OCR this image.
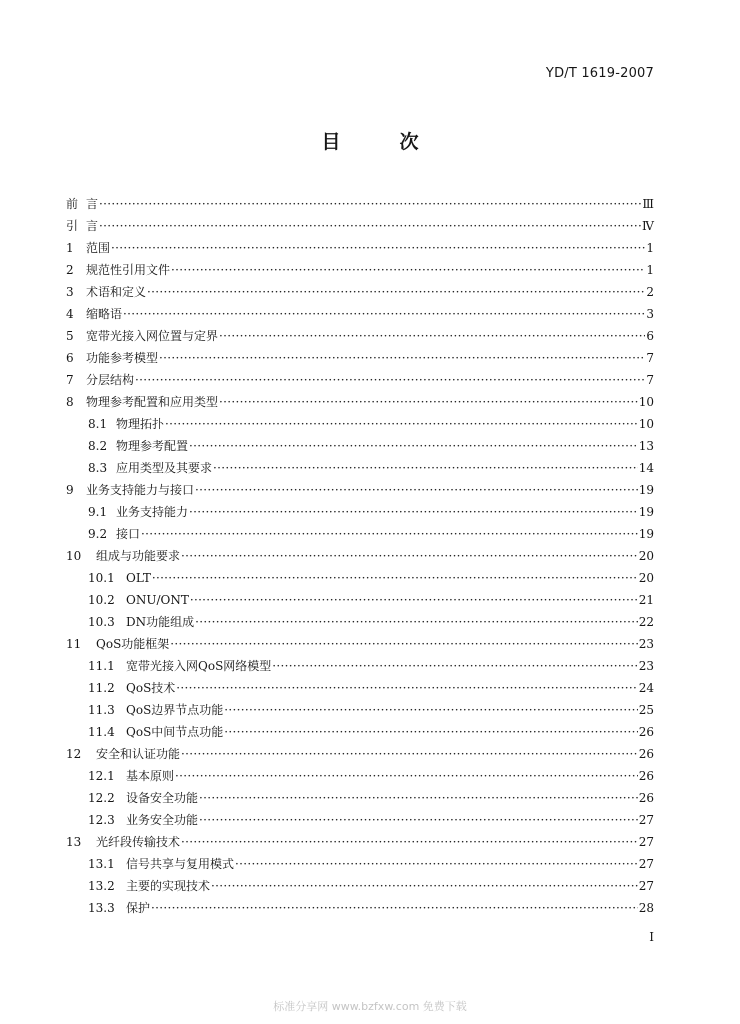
YD/T 1619-2007
目　次
前 言 ·····	Ⅲ
引 言 ·····	Ⅳ
1 范围 ·····	1
2 规范性引用文件 ·····	1
3 术语和定义 ·····	2
4 缩略语 ·····	3
5 宽带光接入网位置与定界 ·····	6
6 功能参考模型 ·····	7
7 分层结构 ·····	7
8 物理参考配置和应用类型 ·····	10
8.1 物理拓扑 ·····	10
8.2 物理参考配置 ·····	13
8.3 应用类型及其要求 ·····	14
9 业务支持能力与接口 ·····	19
9.1 业务支持能力 ·····	19
9.2 接口 ·····	19
10 组成与功能要求 ·····	20
10.1 OLT ·····	20
10.2 ONU/ONT ·····	21
10.3 DN功能组成 ·····	22
11 QoS功能框架 ·····	23
11.1 宽带光接入网QoS网络模型 ·····	23
11.2 QoS技术 ·····	24
11.3 QoS边界节点功能 ·····	25
11.4 QoS中间节点功能 ·····	26
12 安全和认证功能 ·····	26
12.1 基本原则 ·····	26
12.2 设备安全功能 ·····	26
12.3 业务安全功能 ·····	27
13 光纤段传输技术 ·····	27
13.1 信号共享与复用模式 ·····	27
13.2 主要的实现技术 ·····	27
13.3 保护 ·····	28
I
标准分享网 www.bzfxw.com 免费下载
